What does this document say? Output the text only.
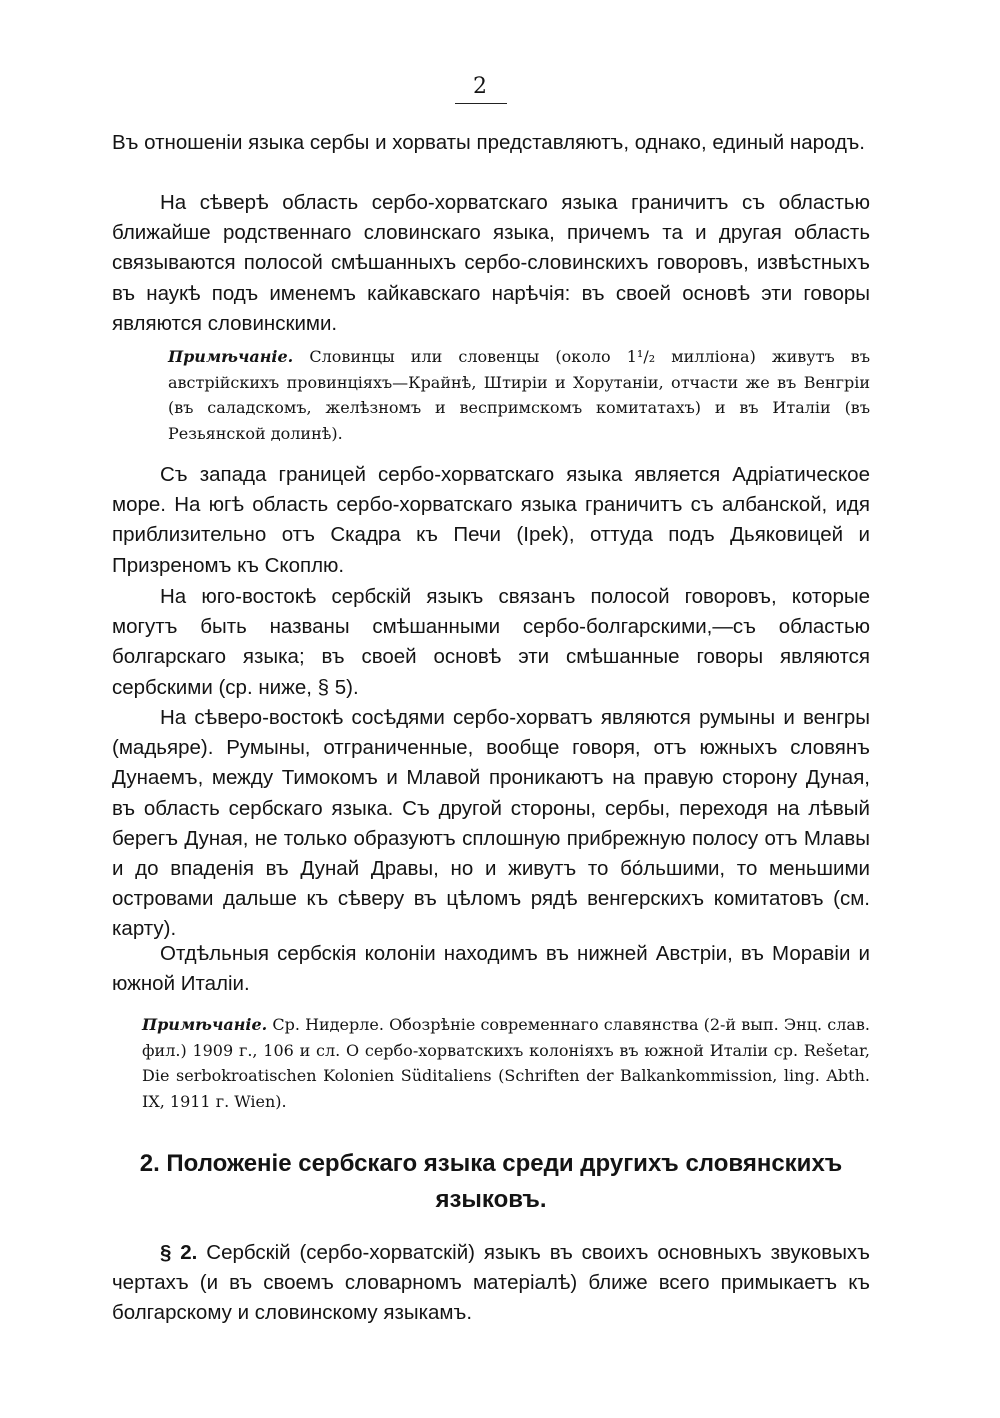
2

Въ отношеніи языка сербы и хорваты представляютъ, однако, единый народъ.

На сѣверѣ область сербо-хорватскаго языка граничитъ съ областью ближайше родственнаго словинскаго языка, причемъ та и другая область связываются полосой смѣшанныхъ сербо-словинскихъ говоровъ, извѣстныхъ въ наукѣ подъ именемъ кайкавскаго нарѣчія: въ своей основѣ эти говоры являются словинскими.

Примѣчаніе. Словинцы или словенцы (около 1¹/₂ милліона) живутъ въ австрійскихъ провинціяхъ—Крайнѣ, Штиріи и Хорутаніи, отчасти же въ Венгріи (въ саладскомъ, желѣзномъ и веспримскомъ комитатахъ) и въ Италіи (въ Резьянской долинѣ).

Съ запада границей сербо-хорватскаго языка является Адріатическое море. На югѣ область сербо-хорватскаго языка граничитъ съ албанской, идя приблизительно отъ Скадра къ Печи (Ipek), оттуда подъ Дьяковицей и Призреномъ къ Скоплю.

На юго-востокѣ сербскій языкъ связанъ полосой говоровъ, которые могутъ быть названы смѣшанными сербо-болгарскими,—съ областью болгарскаго языка; въ своей основѣ эти смѣшанные говоры являются сербскими (ср. ниже, § 5).

На сѣверо-востокѣ сосѣдями сербо-хорватъ являются румыны и венгры (мадьяре). Румыны, отграниченные, вообще говоря, отъ южныхъ словянъ Дунаемъ, между Тимокомъ и Млавой проникаютъ на правую сторону Дуная, въ область сербскаго языка. Съ другой стороны, сербы, переходя на лѣвый берегъ Дуная, не только образуютъ сплошную прибрежную полосу отъ Млавы и до впаденія въ Дунай Дравы, но и живутъ то бо́льшими, то меньшими островами дальше къ сѣверу въ цѣломъ рядѣ венгерскихъ комитатовъ (см. карту).

Отдѣльныя сербскія колоніи находимъ въ нижней Австріи, въ Моравіи и южной Италіи.

Примѣчаніе. Ср. Нидерле. Обозрѣніе современнаго славянства (2-й вып. Энц. слав. фил.) 1909 г., 106 и сл. О сербо-хорватскихъ колоніяхъ въ южной Италіи ср. Rešetar, Die serbokroatischen Kolonien Süditaliens (Schriften der Balkankommission, ling. Abth. IX, 1911 г. Wien).

2. Положеніе сербскаго языка среди другихъ словянскихъ языковъ.

§ 2. Сербскій (сербо-хорватскій) языкъ въ своихъ основныхъ звуковыхъ чертахъ (и въ своемъ словарномъ матеріалѣ) ближе всего примыкаетъ къ болгарскому и словинскому языкамъ.
